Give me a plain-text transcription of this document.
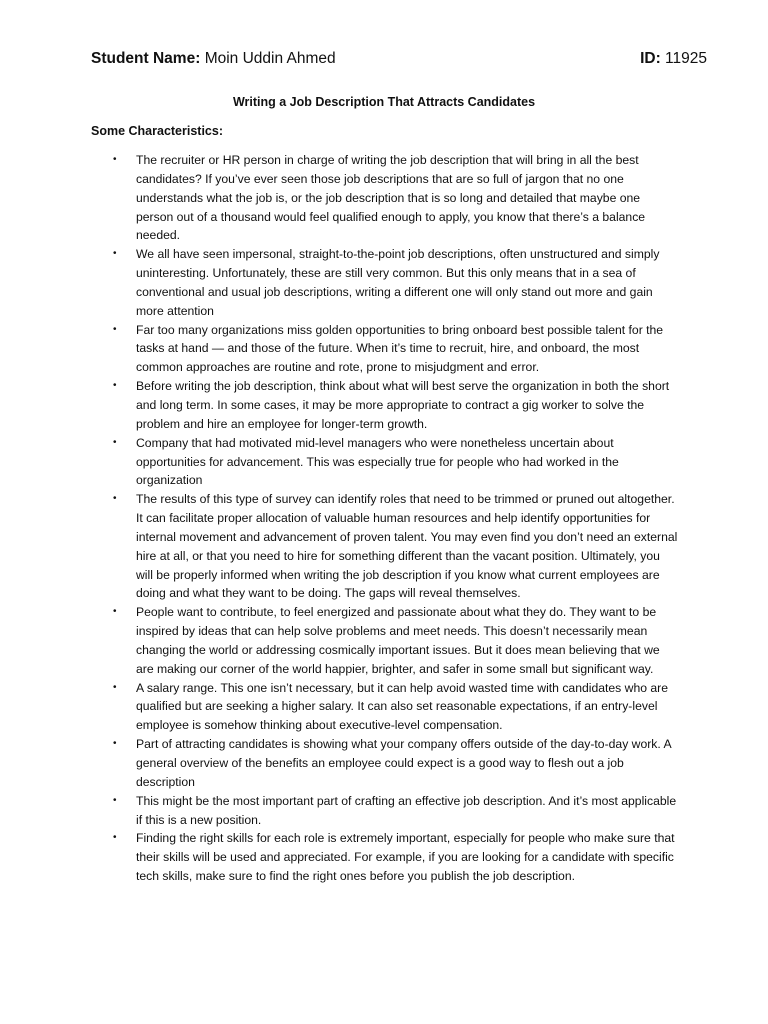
Student Name: Moin Uddin Ahmed	ID: 11925
Writing a Job Description That Attracts Candidates
Some Characteristics:
• The recruiter or HR person in charge of writing the job description that will bring in all the best candidates? If you’ve ever seen those job descriptions that are so full of jargon that no one understands what the job is, or the job description that is so long and detailed that maybe one person out of a thousand would feel qualified enough to apply, you know that there’s a balance needed.
• We all have seen impersonal, straight-to-the-point job descriptions, often unstructured and simply uninteresting. Unfortunately, these are still very common. But this only means that in a sea of conventional and usual job descriptions, writing a different one will only stand out more and gain more attention
• Far too many organizations miss golden opportunities to bring onboard best possible talent for the tasks at hand — and those of the future. When it’s time to recruit, hire, and onboard, the most common approaches are routine and rote, prone to misjudgment and error.
• Before writing the job description, think about what will best serve the organization in both the short and long term. In some cases, it may be more appropriate to contract a gig worker to solve the problem and hire an employee for longer-term growth.
• Company that had motivated mid-level managers who were nonetheless uncertain about opportunities for advancement. This was especially true for people who had worked in the organization
• The results of this type of survey can identify roles that need to be trimmed or pruned out altogether. It can facilitate proper allocation of valuable human resources and help identify opportunities for internal movement and advancement of proven talent. You may even find you don’t need an external hire at all, or that you need to hire for something different than the vacant position. Ultimately, you will be properly informed when writing the job description if you know what current employees are doing and what they want to be doing. The gaps will reveal themselves.
• People want to contribute, to feel energized and passionate about what they do. They want to be inspired by ideas that can help solve problems and meet needs. This doesn’t necessarily mean changing the world or addressing cosmically important issues. But it does mean believing that we are making our corner of the world happier, brighter, and safer in some small but significant way.
• A salary range. This one isn’t necessary, but it can help avoid wasted time with candidates who are qualified but are seeking a higher salary. It can also set reasonable expectations, if an entry-level employee is somehow thinking about executive-level compensation.
• Part of attracting candidates is showing what your company offers outside of the day-to-day work. A general overview of the benefits an employee could expect is a good way to flesh out a job description
• This might be the most important part of crafting an effective job description. And it’s most applicable if this is a new position.
• Finding the right skills for each role is extremely important, especially for people who make sure that their skills will be used and appreciated. For example, if you are looking for a candidate with specific tech skills, make sure to find the right ones before you publish the job description.
